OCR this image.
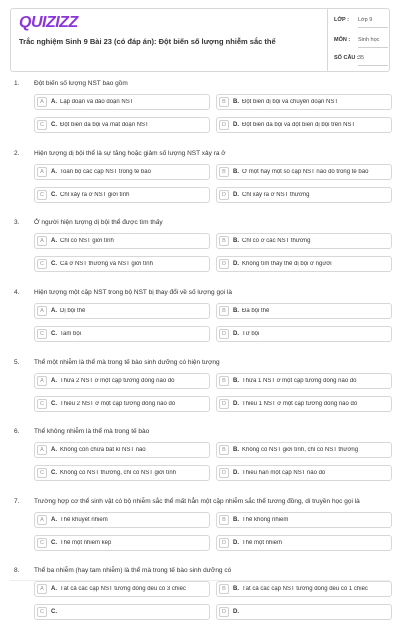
QUIZIZZ
Trắc nghiệm Sinh 9 Bài 23 (có đáp án): Đột biến số lượng nhiễm sắc thể
LỚP : Lớp 9
MÔN : Sinh học
SỐ CÂU : 35
1. Đột biến số lượng NST bao gồm
A	A. Lặp đoạn và đảo đoạn NST	B	B. Đột biến dị bội và chuyển đoạn NST
C	C. Đột biến đa bội và mất đoạn NST	D	D. Đột biến đa bội và đột biến dị bội trên NST
2. Hiện tượng dị bội thể là sự tăng hoặc giảm số lượng NST xảy ra ở
A	A. Toàn bộ các cặp NST trong tế bào	B	B. Ở một hay một số cặp NST nào đó trong tế bào
C	C. Chỉ xảy ra ở NST giới tính	D	D. Chỉ xảy ra ở NST thường
3. Ở người hiện tượng dị bội thể được tìm thấy
A	A. Chỉ có NST giới tính	B	B. Chỉ có ở các NST thường
C	C. Cả ở NST thường và NST giới tính	D	D. Không tìm thấy thể dị bội ở người
4. Hiện tượng một cặp NST trong bộ NST bị thay đổi về số lượng gọi là
A	A. Dị bội thể	B	B. Đa bội thể
C	C. Tam bội	D	D. Tứ bội
5. Thể một nhiễm là thể mà trong tế bào sinh dưỡng có hiện tượng
A	A. Thừa 2 NST ở một cặp tương đồng nào đó	B	B. Thừa 1 NST ở một cặp tương đồng nào đó
C	C. Thiếu 2 NST ở một cặp tương đồng nào đó	D	D. Thiếu 1 NST ở một cặp tương đồng nào đó
6. Thể không nhiễm là thể mà trong tế bào
A	A. Không còn chứa bất kì NST nào	B	B. Không có NST giới tính, chỉ có NST thường
C	C. Không có NST thường, chỉ có NST giới tính	D	D. Thiếu hẳn một cặp NST nào đó
7. Trường hợp cơ thể sinh vật có bộ nhiễm sắc thể mất hẳn một cặp nhiễm sắc thể tương đồng, di truyền học gọi là
A	A. Thể khuyết nhiễm	B	B. Thể không nhiễm
C	C. Thể một nhiễm kép	D	D. Thể một nhiễm
8. Thể ba nhiễm (hay tam nhiễm) là thể mà trong tế bào sinh dưỡng có
A	A. Tất cả các cặp NST tương đồng đều có 3 chiếc	B	B. Tất cả các cặp NST tương đồng đều có 1 chiếc
C	C.	D	D.
